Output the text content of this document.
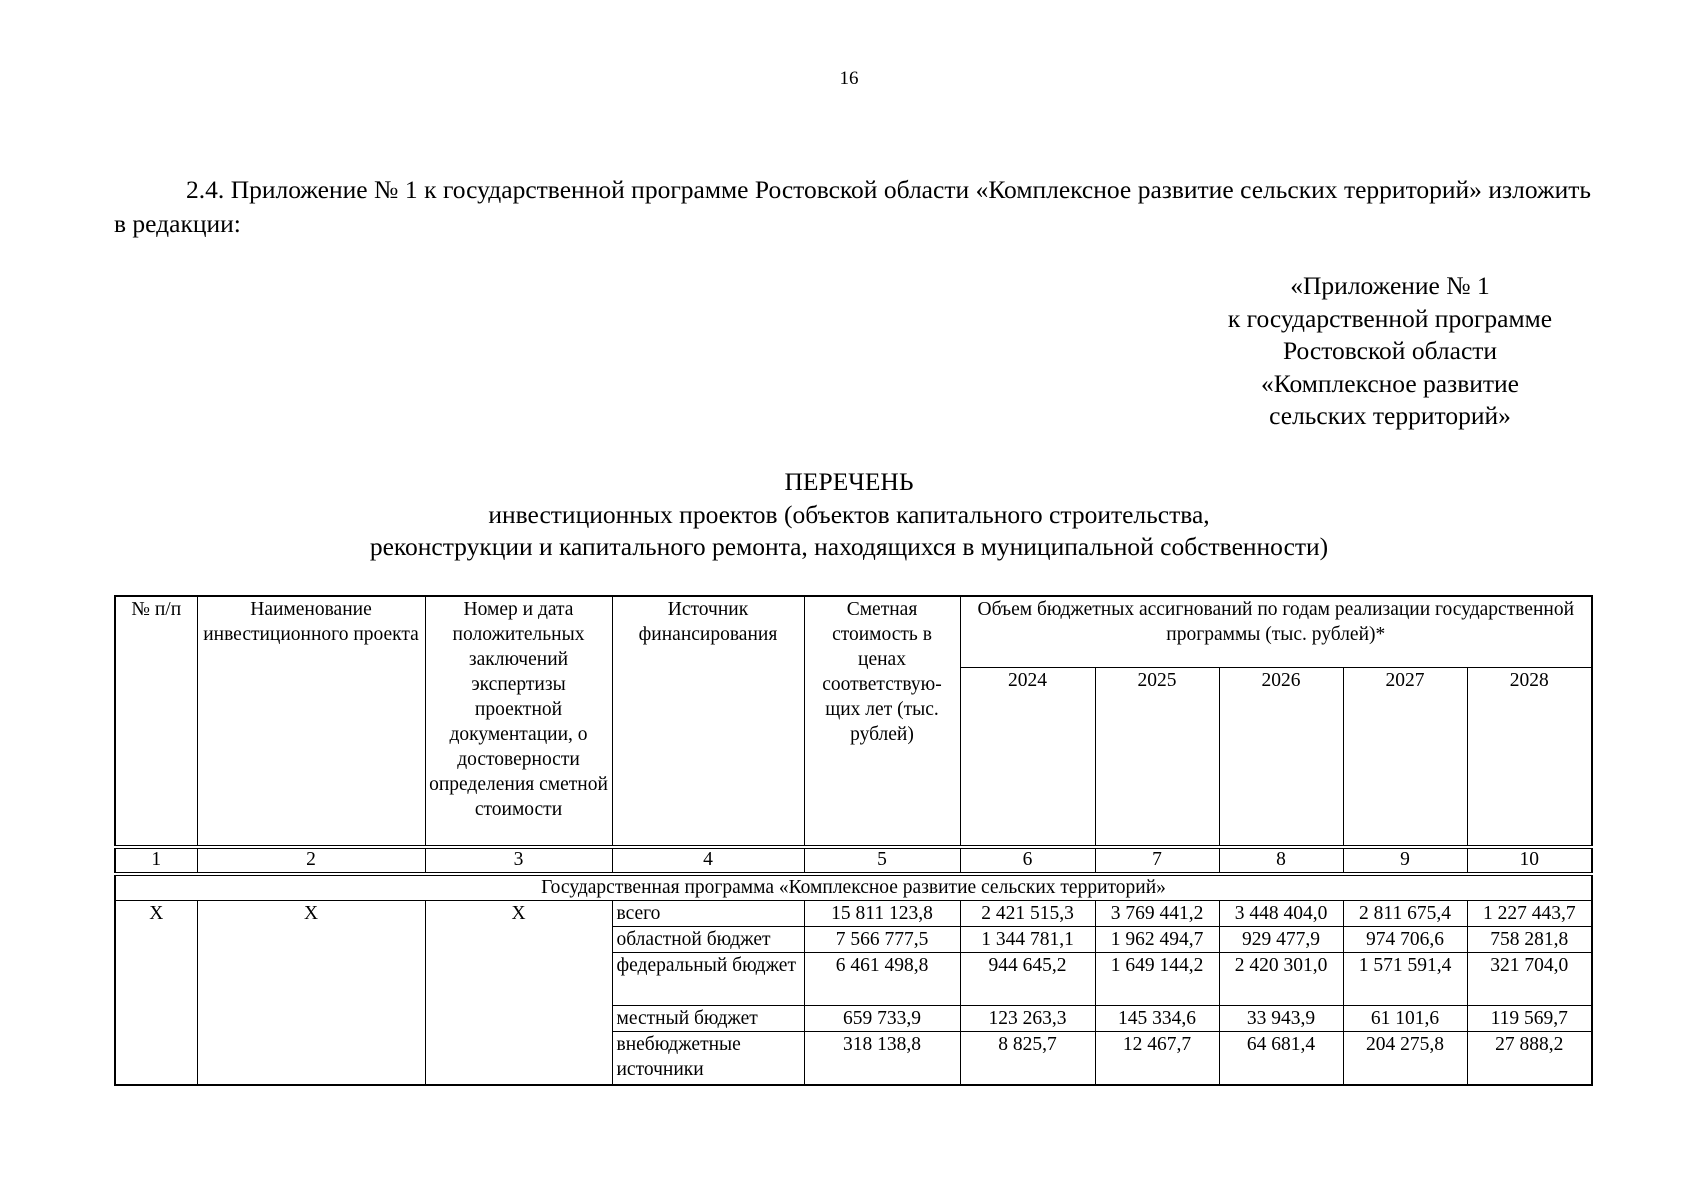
16
2.4. Приложение № 1 к государственной программе Ростовской области «Комплексное развитие сельских территорий» изложить в редакции:
«Приложение № 1
к государственной программе
Ростовской области
«Комплексное развитие
сельских территорий»
ПЕРЕЧЕНЬ
инвестиционных проектов (объектов капитального строительства,
реконструкции и капитального ремонта, находящихся в муниципальной собственности)
№ п/п	Наименование инвестиционного проекта	Номер и дата положительных заключений экспертизы проектной документации, о достоверности определения сметной стоимости	Источник финансирования	Сметная стоимость в ценах соответствую-щих лет (тыс. рублей)	Объем бюджетных ассигнований по годам реализации государственной программы (тыс. рублей)*				
					2024	2025	2026	2027	2028
1	2	3	4	5	6	7	8	9	10
Государственная программа «Комплексное развитие сельских территорий»									
Х	Х	Х	всего	15 811 123,8	2 421 515,3	3 769 441,2	3 448 404,0	2 811 675,4	1 227 443,7
			областной бюджет	7 566 777,5	1 344 781,1	1 962 494,7	929 477,9	974 706,6	758 281,8
			федеральный бюджет	6 461 498,8	944 645,2	1 649 144,2	2 420 301,0	1 571 591,4	321 704,0
			местный бюджет	659 733,9	123 263,3	145 334,6	33 943,9	61 101,6	119 569,7
			внебюджетные источники	318 138,8	8 825,7	12 467,7	64 681,4	204 275,8	27 888,2
